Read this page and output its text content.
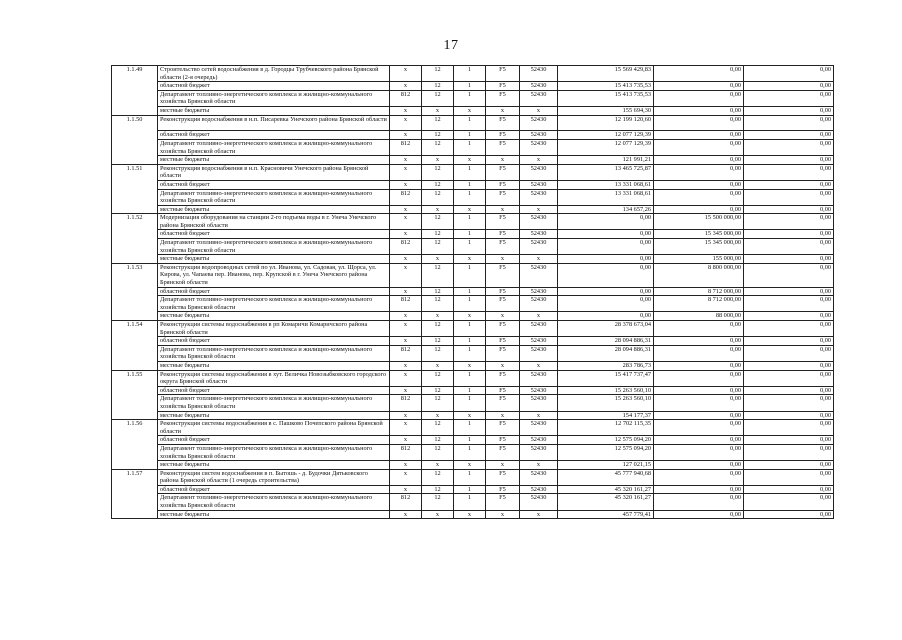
17
1.1.49	Строительство сетей водоснабжения в д. Городцы Трубчевского района Брянской области (2-я очередь)	x	12	1	F5	52430	15 569 429,83	0,00	0,00
	областной бюджет	x	12	1	F5	52430	15 413 735,53	0,00	0,00
	Департамент топливно-энергетического комплекса и жилищно-коммунального хозяйства Брянской области	812	12	1	F5	52430	15 413 735,53	0,00	0,00
	местные бюджеты	x	x	x	x	x	155 694,30	0,00	0,00
1.1.50	Реконструкция водоснабжения в н.п. Писаревка Унечского района Брянской области	x	12	1	F5	52430	12 199 120,60	0,00	0,00
	областной бюджет	x	12	1	F5	52430	12 077 129,39	0,00	0,00
	Департамент топливно-энергетического комплекса и жилищно-коммунального хозяйства Брянской области	812	12	1	F5	52430	12 077 129,39	0,00	0,00
	местные бюджеты	x	x	x	x	x	121 991,21	0,00	0,00
1.1.51	Реконструкция водоснабжения в н.п. Красновичи Унечского района Брянской области	x	12	1	F5	52430	13 465 725,87	0,00	0,00
	областной бюджет	x	12	1	F5	52430	13 331 068,61	0,00	0,00
	Департамент топливно-энергетического комплекса и жилищно-коммунального хозяйства Брянской области	812	12	1	F5	52430	13 331 068,61	0,00	0,00
	местные бюджеты	x	x	x	x	x	134 657,26	0,00	0,00
1.1.52	Модернизация оборудования на станции 2-го подъема воды в г. Унеча Унечского района Брянской области	x	12	1	F5	52430	0,00	15 500 000,00	0,00
	областной бюджет	x	12	1	F5	52430	0,00	15 345 000,00	0,00
	Департамент топливно-энергетического комплекса и жилищно-коммунального хозяйства Брянской области	812	12	1	F5	52430	0,00	15 345 000,00	0,00
	местные бюджеты	x	x	x	x	x	0,00	155 000,00	0,00
1.1.53	Реконструкция водопроводных сетей по ул. Иванова, ул. Садовая, ул. Щорса, ул. Кирова, ул. Чапаева пер. Иванова, пер. Крупской в г. Унеча Унечского района Брянской области	x	12	1	F5	52430	0,00	8 800 000,00	0,00
	областной бюджет	x	12	1	F5	52430	0,00	8 712 000,00	0,00
	Департамент топливно-энергетического комплекса и жилищно-коммунального хозяйства Брянской области	812	12	1	F5	52430	0,00	8 712 000,00	0,00
	местные бюджеты	x	x	x	x	x	0,00	88 000,00	0,00
1.1.54	Реконструкция системы водоснабжения в рп Комаричи Комаричского района Брянской области	x	12	1	F5	52430	28 378 673,04	0,00	0,00
	областной бюджет	x	12	1	F5	52430	28 094 886,31	0,00	0,00
	Департамент топливно-энергетического комплекса и жилищно-коммунального хозяйства Брянской области	812	12	1	F5	52430	28 094 886,31	0,00	0,00
	местные бюджеты	x	x	x	x	x	283 786,73	0,00	0,00
1.1.55	Реконструкция системы водоснабжения в хут. Величка Новозыбковского городского округа Брянской области	x	12	1	F5	52430	15 417 737,47	0,00	0,00
	областной бюджет	x	12	1	F5	52430	15 263 560,10	0,00	0,00
	Департамент топливно-энергетического комплекса и жилищно-коммунального хозяйства Брянской области	812	12	1	F5	52430	15 263 560,10	0,00	0,00
	местные бюджеты	x	x	x	x	x	154 177,37	0,00	0,00
1.1.56	Реконструкция системы водоснабжения в с. Пашково Почепского района Брянской области	x	12	1	F5	52430	12 702 115,35	0,00	0,00
	областной бюджет	x	12	1	F5	52430	12 575 094,20	0,00	0,00
	Департамент топливно-энергетического комплекса и жилищно-коммунального хозяйства Брянской области	812	12	1	F5	52430	12 575 094,20	0,00	0,00
	местные бюджеты	x	x	x	x	x	127 021,15	0,00	0,00
1.1.57	Реконструкция систем водоснабжения в п. Бытошь - д. Будочки Дятьковского района Брянской области (1 очередь строительства)	x	12	1	F5	52430	45 777 940,68	0,00	0,00
	областной бюджет	x	12	1	F5	52430	45 320 161,27	0,00	0,00
	Департамент топливно-энергетического комплекса и жилищно-коммунального хозяйства Брянской области	812	12	1	F5	52430	45 320 161,27	0,00	0,00
	местные бюджеты	x	x	x	x	x	457 779,41	0,00	0,00
